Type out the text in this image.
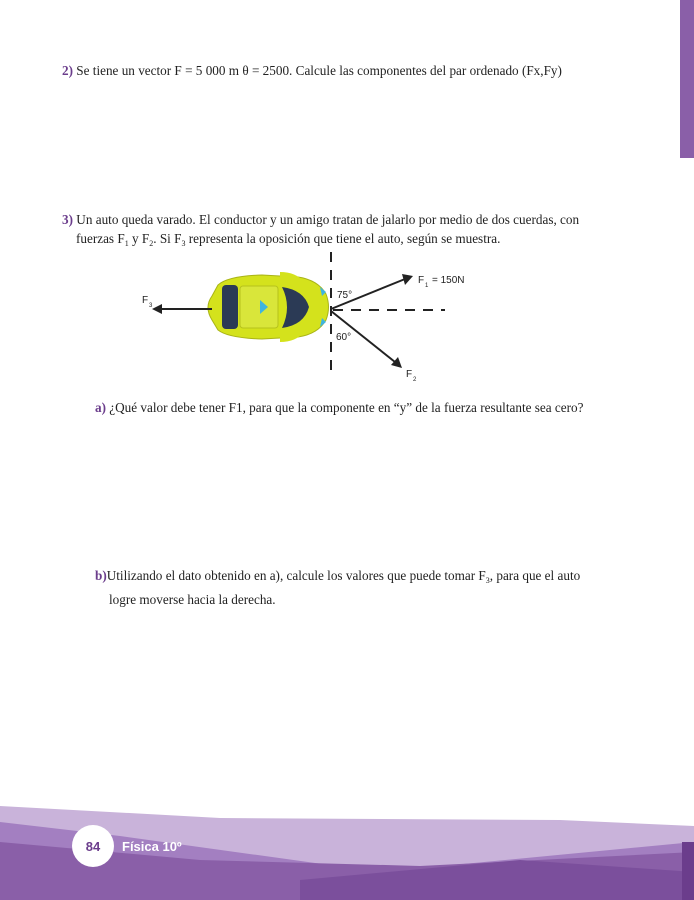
2) Se tiene un vector F = 5 000 m θ = 2500. Calcule las componentes del par ordenado (Fx,Fy)
3) Un auto queda varado. El conductor y un amigo tratan de jalarlo por medio de dos cuerdas, con
fuerzas $F_1$ y $F_2$. Si $F_3$ representa la oposición que tiene el auto, según se muestra.
F 3
F 1 = 150N
F 2
75°
60°
84 Física 10º
a) ¿Qué valor debe tener F1, para que la componente en “y” de la fuerza resultante sea cero?
b)Utilizando el dato obtenido en a), calcule los valores que puede tomar $F_3$, para que el auto
logre moverse hacia la derecha.
